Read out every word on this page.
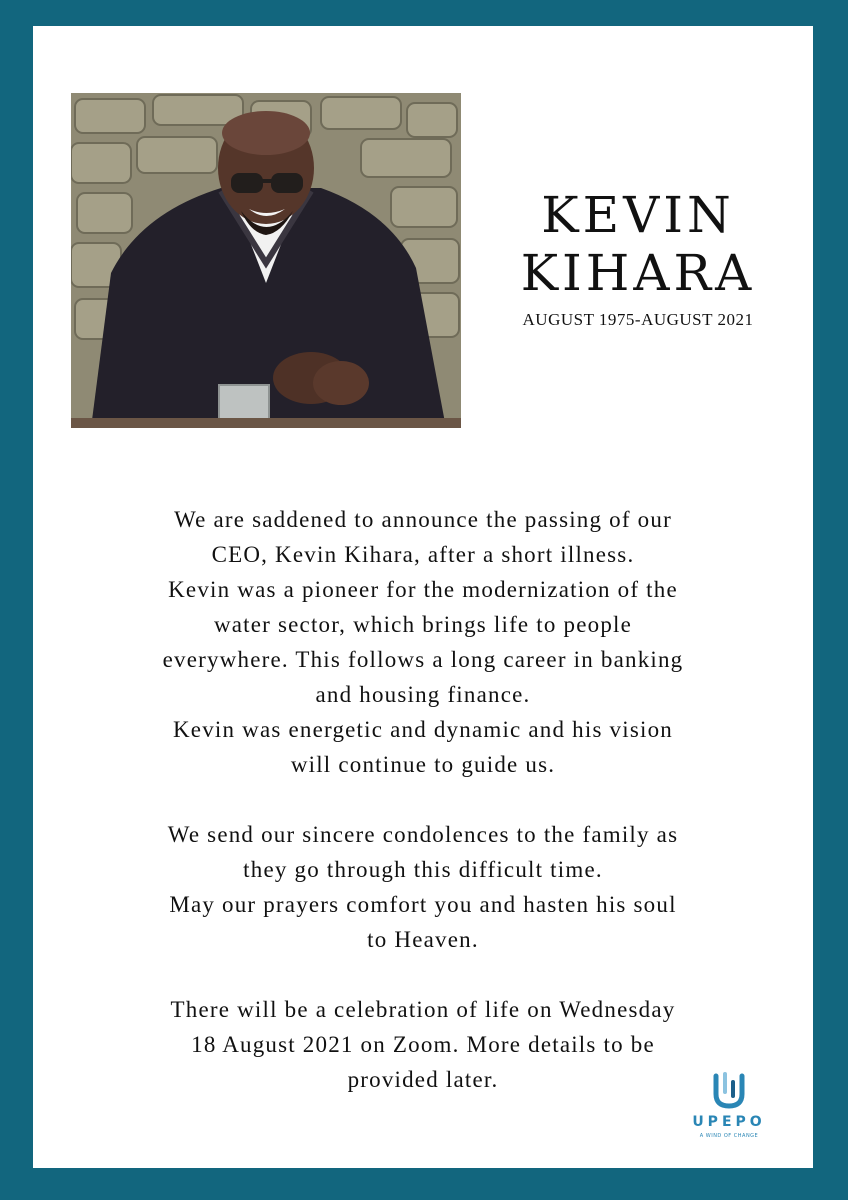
KEVIN
KIHARA
AUGUST 1975-AUGUST 2021

We are saddened to announce the passing of our

CEO, Kevin Kihara, after a short illness.

Kevin was a pioneer for the modernization of the

water sector, which brings life to people

everywhere. This follows a long career in banking

and housing finance.

Kevin was energetic and dynamic and his vision

will continue to guide us.

We send our sincere condolences to the family as

they go through this difficult time.

May our prayers comfort you and hasten his soul

to Heaven.

There will be a celebration of life on Wednesday

18 August 2021 on Zoom. More details to be

provided later.

UPEPO
A WIND OF CHANGE
